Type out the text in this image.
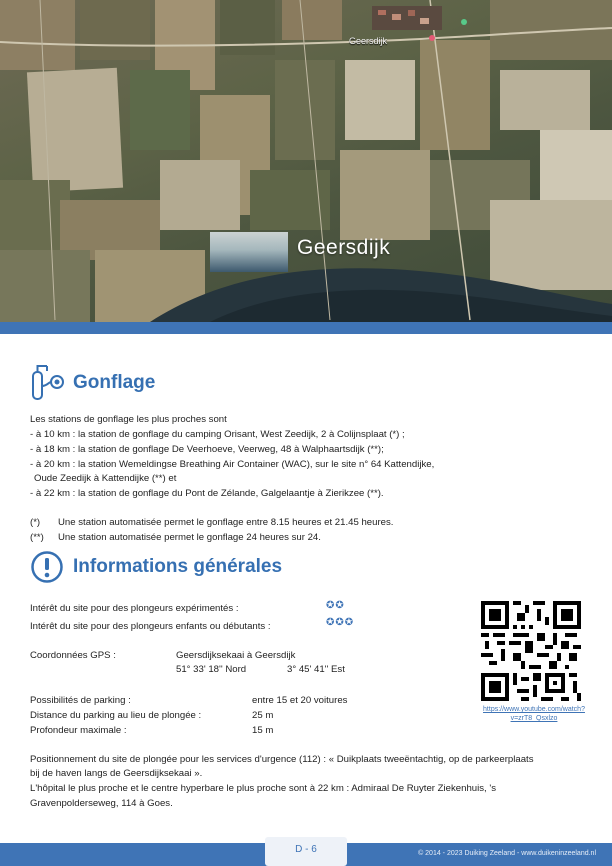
Geersdijk
Geersdijk
Gonflage
Les stations de gonflage les plus proches sont
- à 10 km : la station de gonflage du camping Orisant, West Zeedijk, 2 à Colijnsplaat (*) ;
- à 18 km : la station de gonflage De Veerhoeve, Veerweg, 48 à Walphaartsdijk (**);
- à 20 km : la station Wemeldingse Breathing Air Container (WAC), sur le site n° 64 Kattendijke,
Oude Zeedijk à Kattendijke (**) et
- à 22 km : la station de gonflage du Pont de Zélande, Galgelaantje à Zierikzee (**).
(*) Une station automatisée permet le gonflage entre 8.15 heures et 21.45 heures.
(**) Une station automatisée permet le gonflage 24 heures sur 24.
Informations générales
Intérêt du site pour des plongeurs expérimentés :	✪✪
Intérêt du site pour des plongeurs enfants ou débutants :	✪✪✪
Coordonnées GPS :	Geersdijksekaai à Geersdijk
51° 33' 18'' Nord	3° 45' 41'' Est
Possibilités de parking :	entre 15 et 20 voitures
Distance du parking au lieu de plongée :	25 m
Profondeur maximale :	15 m
Positionnement du site de plongée pour les services d'urgence (112) : « Duikplaats tweeëntachtig, op de parkeerplaats
bij de haven langs de Geersdijksekaai ».
L'hôpital le plus proche et le centre hyperbare le plus proche sont à 22 km : Admiraal De Ruyter Ziekenhuis, 's
Gravenpolderseweg, 114 à Goes.
https://www.youtube.com/watch?v=zrT8_Qsxlzo
D - 6	© 2014 - 2023 Duiking Zeeland - www.duikeninzeeland.nl
